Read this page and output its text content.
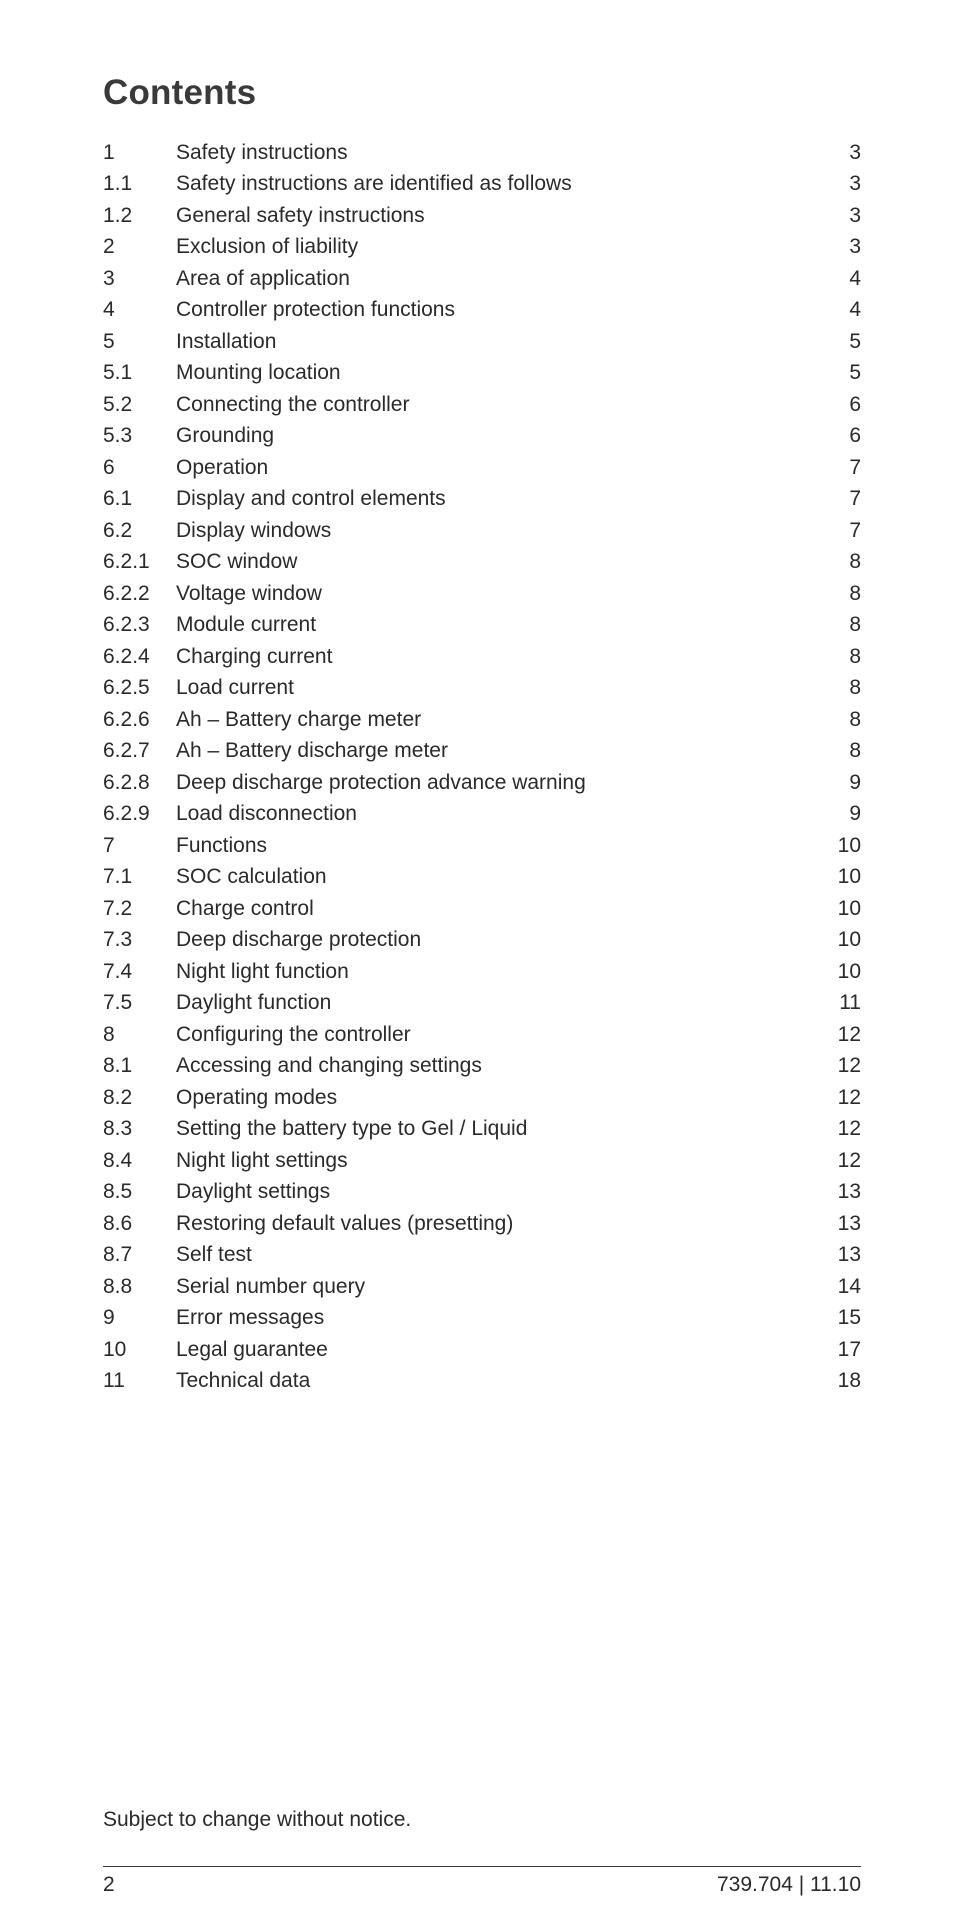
Contents
1	Safety instructions	3
1.1	Safety instructions are identified as follows	3
1.2	General safety instructions	3
2	Exclusion of liability	3
3	Area of application	4
4	Controller protection functions	4
5	Installation	5
5.1	Mounting location	5
5.2	Connecting the controller	6
5.3	Grounding	6
6	Operation	7
6.1	Display and control elements	7
6.2	Display windows	7
6.2.1	SOC window	8
6.2.2	Voltage window	8
6.2.3	Module current	8
6.2.4	Charging current	8
6.2.5	Load current	8
6.2.6	Ah – Battery charge meter	8
6.2.7	Ah – Battery discharge meter	8
6.2.8	Deep discharge protection advance warning	9
6.2.9	Load disconnection	9
7	Functions	10
7.1	SOC calculation	10
7.2	Charge control	10
7.3	Deep discharge protection	10
7.4	Night light function	10
7.5	Daylight function	11
8	Configuring the controller	12
8.1	Accessing and changing settings	12
8.2	Operating modes	12
8.3	Setting the battery type to Gel / Liquid	12
8.4	Night light settings	12
8.5	Daylight settings	13
8.6	Restoring default values (presetting)	13
8.7	Self test	13
8.8	Serial number query	14
9	Error messages	15
10	Legal guarantee	17
11	Technical data	18
Subject to change without notice.
2	739.704 | 11.10
